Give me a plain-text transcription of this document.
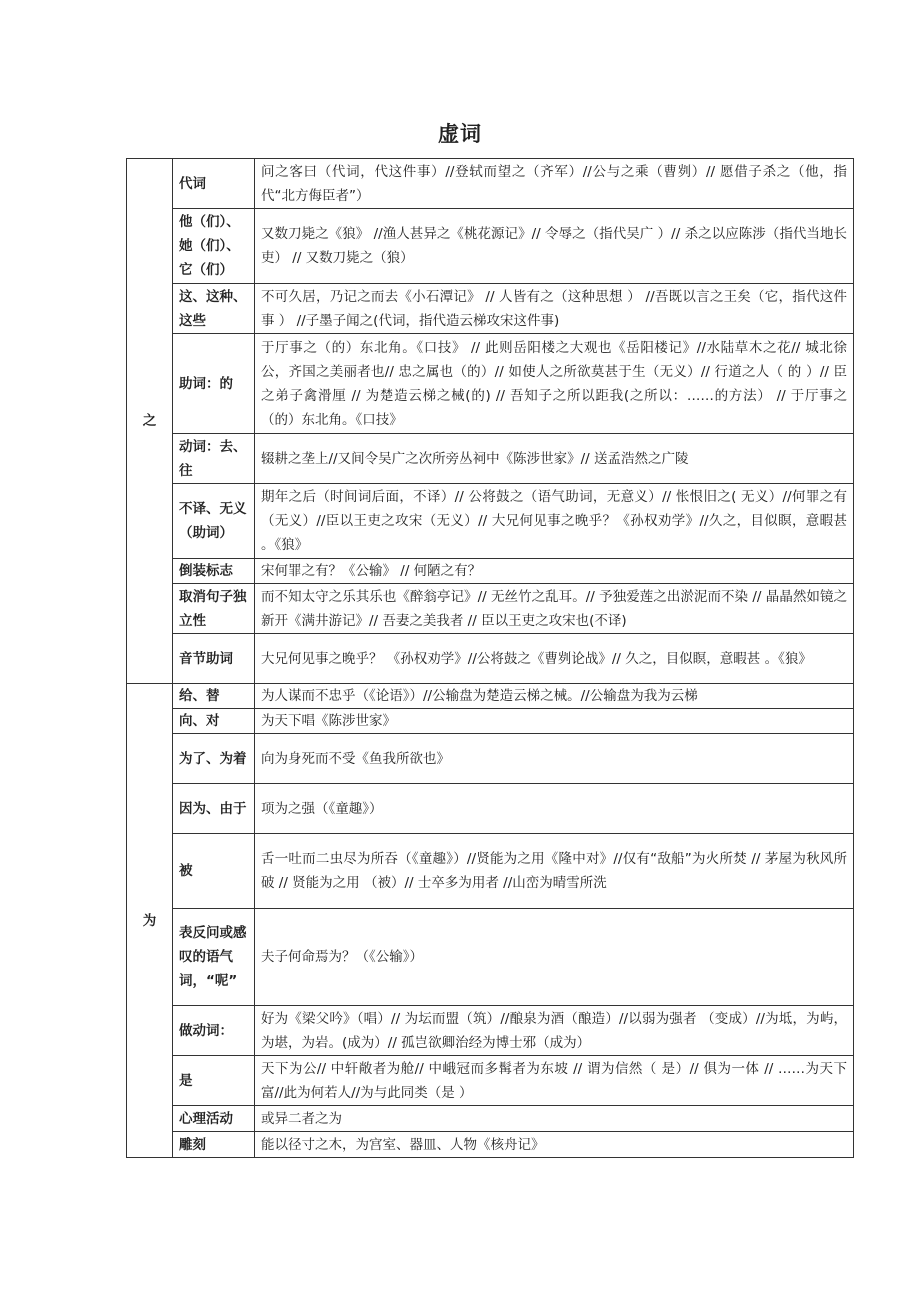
虚词
之	代词	问之客曰（代词，代这件事）//登轼而望之（齐军）//公与之乘（曹刿）// 愿借子杀之（他，指代“北方侮臣者”）
	他（们）、她（们）、它（们）	又数刀毙之《狼》 //渔人甚异之《桃花源记》// 令辱之（指代吴广 ）// 杀之以应陈涉（指代当地长吏） // 又数刀毙之（狼）
	这、这种、这些	不可久居，乃记之而去《小石潭记》 // 人皆有之（这种思想 ） //吾既以言之王矣（它，指代这件事 ） //子墨子闻之(代词，指代造云梯攻宋这件事)
	助词：的	于厅事之（的）东北角。《口技》 // 此则岳阳楼之大观也《岳阳楼记》//水陆草木之花// 城北徐公，齐国之美丽者也// 忠之属也（的）// 如使人之所欲莫甚于生（无义）// 行道之人（ 的 ）// 臣之弟子禽滑厘 // 为楚造云梯之械(的) // 吾知子之所以距我(之所以：……的方法） // 于厅事之（的）东北角。《口技》
	动词：去、往	辍耕之垄上//又间令吴广之次所旁丛祠中《陈涉世家》// 送孟浩然之广陵
	不译、无义（助词）	期年之后（时间词后面，不译）// 公将鼓之（语气助词，无意义）// 怅恨旧之( 无义）//何罪之有（无义）//臣以王吏之攻宋（无义）// 大兄何见事之晚乎？《孙权劝学》//久之，目似瞑，意暇甚 。《狼》
	倒装标志	宋何罪之有？《公输》 // 何陋之有？
	取消句子独立性	而不知太守之乐其乐也《醉翁亭记》// 无丝竹之乱耳。// 予独爱莲之出淤泥而不染 // 晶晶然如镜之新开《满井游记》// 吾妻之美我者 // 臣以王吏之攻宋也(不译)
	音节助词	大兄何见事之晚乎？ 《孙权劝学》//公将鼓之《曹刿论战》// 久之，目似瞑，意暇甚 。《狼》
为	给、替	为人谋而不忠乎（《论语》）//公输盘为楚造云梯之械。//公输盘为我为云梯
	向、对	为天下唱《陈涉世家》
	为了、为着	向为身死而不受《鱼我所欲也》
	因为、由于	项为之强（《童趣》）
	被	舌一吐而二虫尽为所吞（《童趣》）//贤能为之用《隆中对》//仅有“敌船”为火所焚 // 茅屋为秋风所破 // 贤能为之用 （被）// 士卒多为用者 //山峦为晴雪所洗
	表反问或感叹的语气词，“呢”	夫子何命焉为？（《公输》）
	做动词：	好为《梁父吟》（唱）// 为坛而盟（筑）//酿泉为酒（酿造）//以弱为强者 （变成）//为坻，为屿，为堪，为岩。(成为）// 孤岂欲卿治经为博士邪（成为）
	是	天下为公// 中轩敞者为舱// 中峨冠而多髯者为东坡 // 谓为信然（ 是）// 俱为一体 // ……为天下富//此为何若人//为与此同类（是 ）
	心理活动	或异二者之为
	雕刻	能以径寸之木，为宫室、器皿、人物《核舟记》
